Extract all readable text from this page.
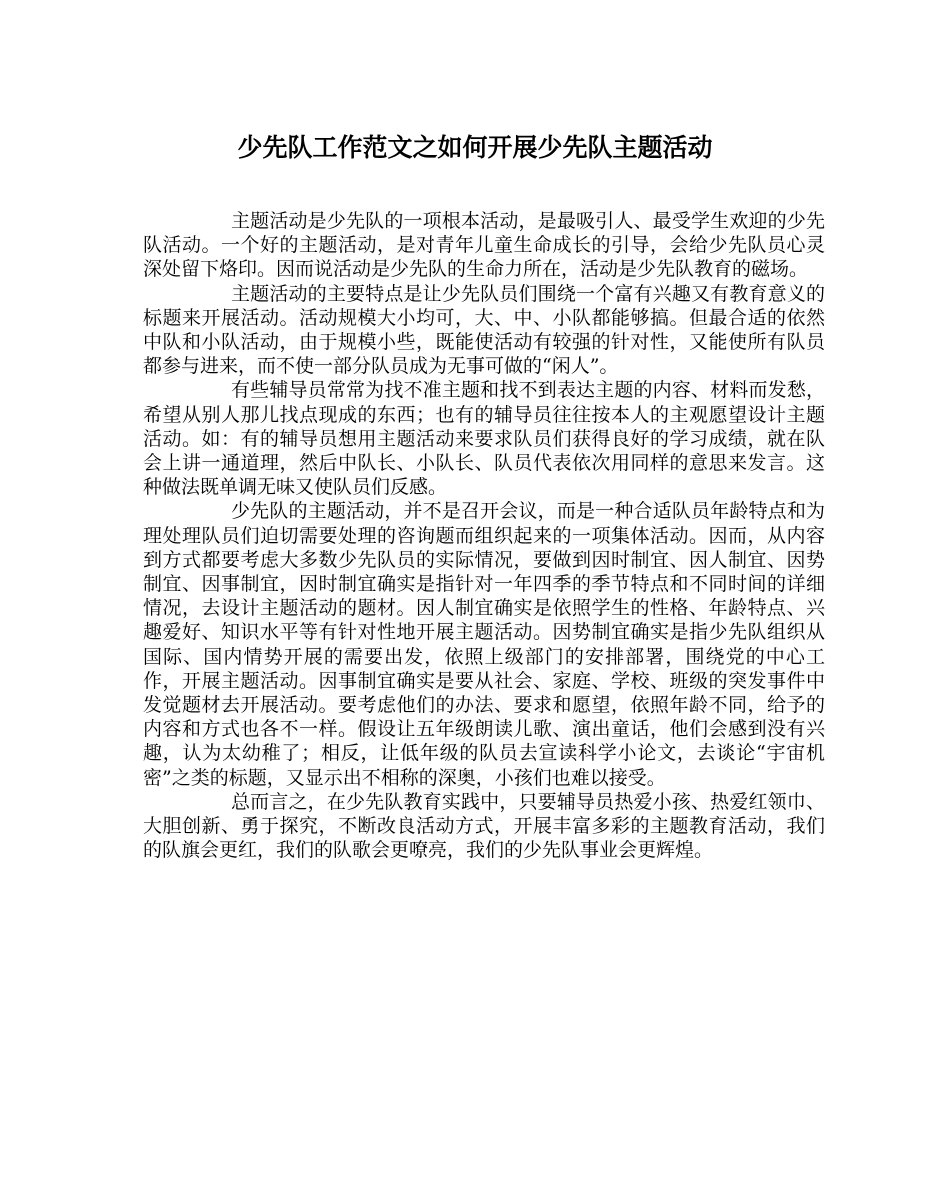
少先队工作范文之如何开展少先队主题活动

主题活动是少先队的一项根本活动，是最吸引人、最受学生欢迎的少先队活动。一个好的主题活动，是对青年儿童生命成长的引导，会给少先队员心灵深处留下烙印。因而说活动是少先队的生命力所在，活动是少先队教育的磁场。

主题活动的主要特点是让少先队员们围绕一个富有兴趣又有教育意义的标题来开展活动。活动规模大小均可，大、中、小队都能够搞。但最合适的依然中队和小队活动，由于规模小些，既能使活动有较强的针对性，又能使所有队员都参与进来，而不使一部分队员成为无事可做的“闲人”。

有些辅导员常常为找不准主题和找不到表达主题的内容、材料而发愁，希望从别人那儿找点现成的东西；也有的辅导员往往按本人的主观愿望设计主题活动。如：有的辅导员想用主题活动来要求队员们获得良好的学习成绩，就在队会上讲一通道理，然后中队长、小队长、队员代表依次用同样的意思来发言。这种做法既单调无味又使队员们反感。

少先队的主题活动，并不是召开会议，而是一种合适队员年龄特点和为理处理队员们迫切需要处理的咨询题而组织起来的一项集体活动。因而，从内容到方式都要考虑大多数少先队员的实际情况，要做到因时制宜、因人制宜、因势制宜、因事制宜，因时制宜确实是指针对一年四季的季节特点和不同时间的详细情况，去设计主题活动的题材。因人制宜确实是依照学生的性格、年龄特点、兴趣爱好、知识水平等有针对性地开展主题活动。因势制宜确实是指少先队组织从国际、国内情势开展的需要出发，依照上级部门的安排部署，围绕党的中心工作，开展主题活动。因事制宜确实是要从社会、家庭、学校、班级的突发事件中发觉题材去开展活动。要考虑他们的办法、要求和愿望，依照年龄不同，给予的内容和方式也各不一样。假设让五年级朗读儿歌、演出童话，他们会感到没有兴趣，认为太幼稚了；相反，让低年级的队员去宣读科学小论文，去谈论“宇宙机密”之类的标题，又显示出不相称的深奥，小孩们也难以接受。

总而言之，在少先队教育实践中，只要辅导员热爱小孩、热爱红领巾、大胆创新、勇于探究，不断改良活动方式，开展丰富多彩的主题教育活动，我们的队旗会更红，我们的队歌会更嘹亮，我们的少先队事业会更辉煌。
